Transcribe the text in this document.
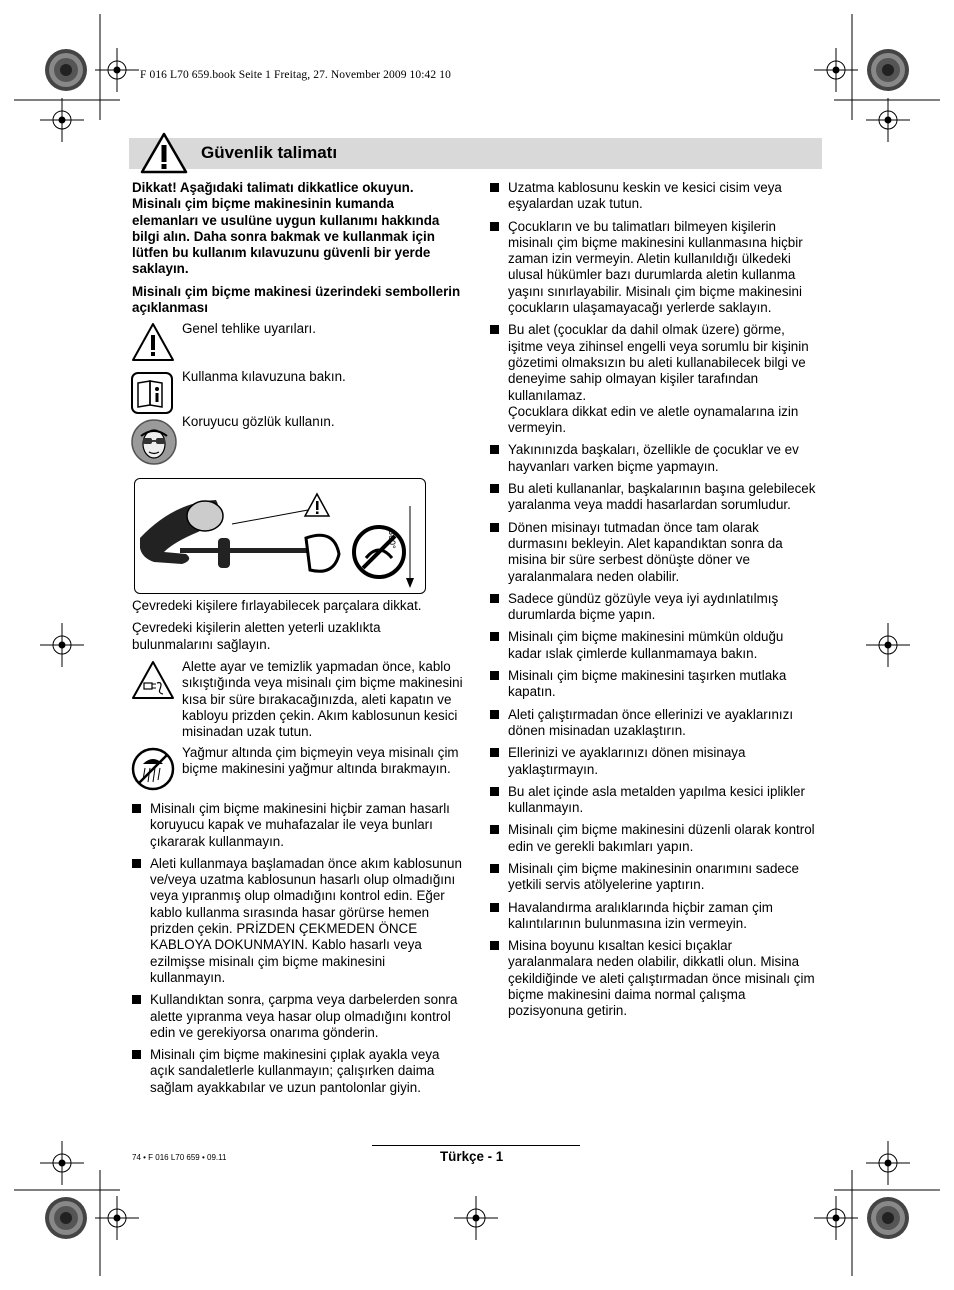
F 016 L70 659.book Seite 1 Freitag, 27. November 2009 10:42 10
Güvenlik talimatı

Dikkat! Aşağıdaki talimatı dikkatlice okuyun. Misinalı çim biçme makinesinin kumanda elemanları ve usulüne uygun kullanımı hakkında bilgi alın. Daha sonra bakmak ve kullanmak için lütfen bu kullanım kılavuzunu güvenli bir yerde saklayın.

Misinalı çim biçme makinesi üzerindeki sembollerin açıklanması

Genel tehlike uyarıları.
Kullanma kılavuzuna bakın.
Koruyucu gözlük kullanın.
360°

Çevredeki kişilere fırlayabilecek parçalara dikkat.

Çevredeki kişilerin aletten yeterli uzaklıkta bulunmalarını sağlayın.

Alette ayar ve temizlik yapmadan önce, kablo sıkıştığında veya misinalı çim biçme makinesini kısa bir süre bırakacağınızda, aleti kapatın ve kabloyu prizden çekin. Akım kablosunun kesici misinadan uzak tutun.
Yağmur altında çim biçmeyin veya misinalı çim biçme makinesini yağmur altında bırakmayın.
Misinalı çim biçme makinesini hiçbir zaman hasarlı koruyucu kapak ve muhafazalar ile veya bunları çıkararak kullanmayın.
Aleti kullanmaya başlamadan önce akım kablosunun ve/veya uzatma kablosunun hasarlı olup olmadığını veya yıpranmış olup olmadığını kontrol edin. Eğer kablo kullanma sırasında hasar görürse hemen prizden çekin. PRİZDEN ÇEKMEDEN ÖNCE KABLOYA DOKUNMAYIN. Kablo hasarlı veya ezilmişse misinalı çim biçme makinesini kullanmayın.
Kullandıktan sonra, çarpma veya darbelerden sonra alette yıpranma veya hasar olup olmadığını kontrol edin ve gerekiyorsa onarıma gönderin.
Misinalı çim biçme makinesini çıplak ayakla veya açık sandaletlerle kullanmayın; çalışırken daima sağlam ayakkabılar ve uzun pantolonlar giyin.
Uzatma kablosunu keskin ve kesici cisim veya eşyalardan uzak tutun.
Çocukların ve bu talimatları bilmeyen kişilerin misinalı çim biçme makinesini kullanmasına hiçbir zaman izin vermeyin. Aletin kullanıldığı ülkedeki ulusal hükümler bazı durumlarda aletin kullanma yaşını sınırlayabilir. Misinalı çim biçme makinesini çocukların ulaşamayacağı yerlerde saklayın.
Bu alet (çocuklar da dahil olmak üzere) görme, işitme veya zihinsel engelli veya sorumlu bir kişinin gözetimi olmaksızın bu aleti kullanabilecek bilgi ve deneyime sahip olmayan kişiler tarafından kullanılamaz.
Çocuklara dikkat edin ve aletle oynamalarına izin vermeyin.
Yakınınızda başkaları, özellikle de çocuklar ve ev hayvanları varken biçme yapmayın.
Bu aleti kullananlar, başkalarının başına gelebilecek yaralanma veya maddi hasarlardan sorumludur.
Dönen misinayı tutmadan önce tam olarak durmasını bekleyin. Alet kapandıktan sonra da misina bir süre serbest dönüşte döner ve yaralanmalara neden olabilir.
Sadece gündüz gözüyle veya iyi aydınlatılmış durumlarda biçme yapın.
Misinalı çim biçme makinesini mümkün olduğu kadar ıslak çimlerde kullanmamaya bakın.
Misinalı çim biçme makinesini taşırken mutlaka kapatın.
Aleti çalıştırmadan önce ellerinizi ve ayaklarınızı dönen misinadan uzaklaştırın.
Ellerinizi ve ayaklarınızı dönen misinaya yaklaştırmayın.
Bu alet içinde asla metalden yapılma kesici iplikler kullanmayın.
Misinalı çim biçme makinesini düzenli olarak kontrol edin ve gerekli bakımları yapın.
Misinalı çim biçme makinesinin onarımını sadece yetkili servis atölyelerine yaptırın.
Havalandırma aralıklarında hiçbir zaman çim kalıntılarının bulunmasına izin vermeyin.
Misina boyunu kısaltan kesici bıçaklar yaralanmalara neden olabilir, dikkatli olun. Misina çekildiğinde ve aleti çalıştırmadan önce misinalı çim biçme makinesini daima normal çalışma pozisyonuna getirin.
74 • F 016 L70 659 • 09.11	Türkçe - 1
